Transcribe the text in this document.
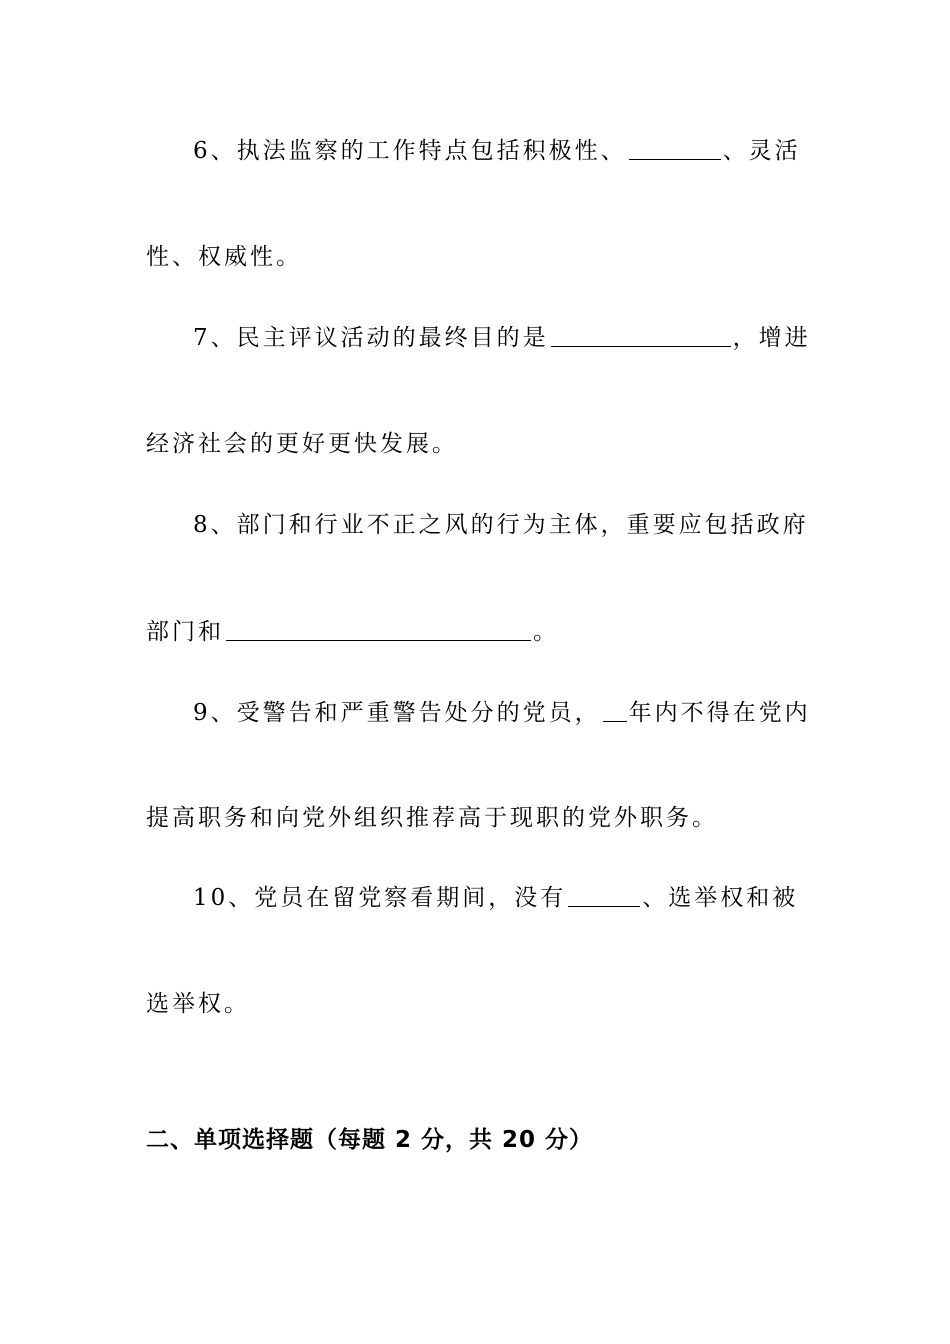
6、执法监察的工作特点包括积极性、	、灵活
性、权威性。
7、民主评议活动的最终目的是	，增进
经济社会的更好更快发展。
8、部门和行业不正之风的行为主体，重要应包括政府
部门和	。
9、受警告和严重警告处分的党员， 年内不得在党内
提高职务和向党外组织推荐高于现职的党外职务。
10、党员在留党察看期间，没有	、选举权和被
选举权。
二、单项选择题（每题 2 分，共 20 分）
